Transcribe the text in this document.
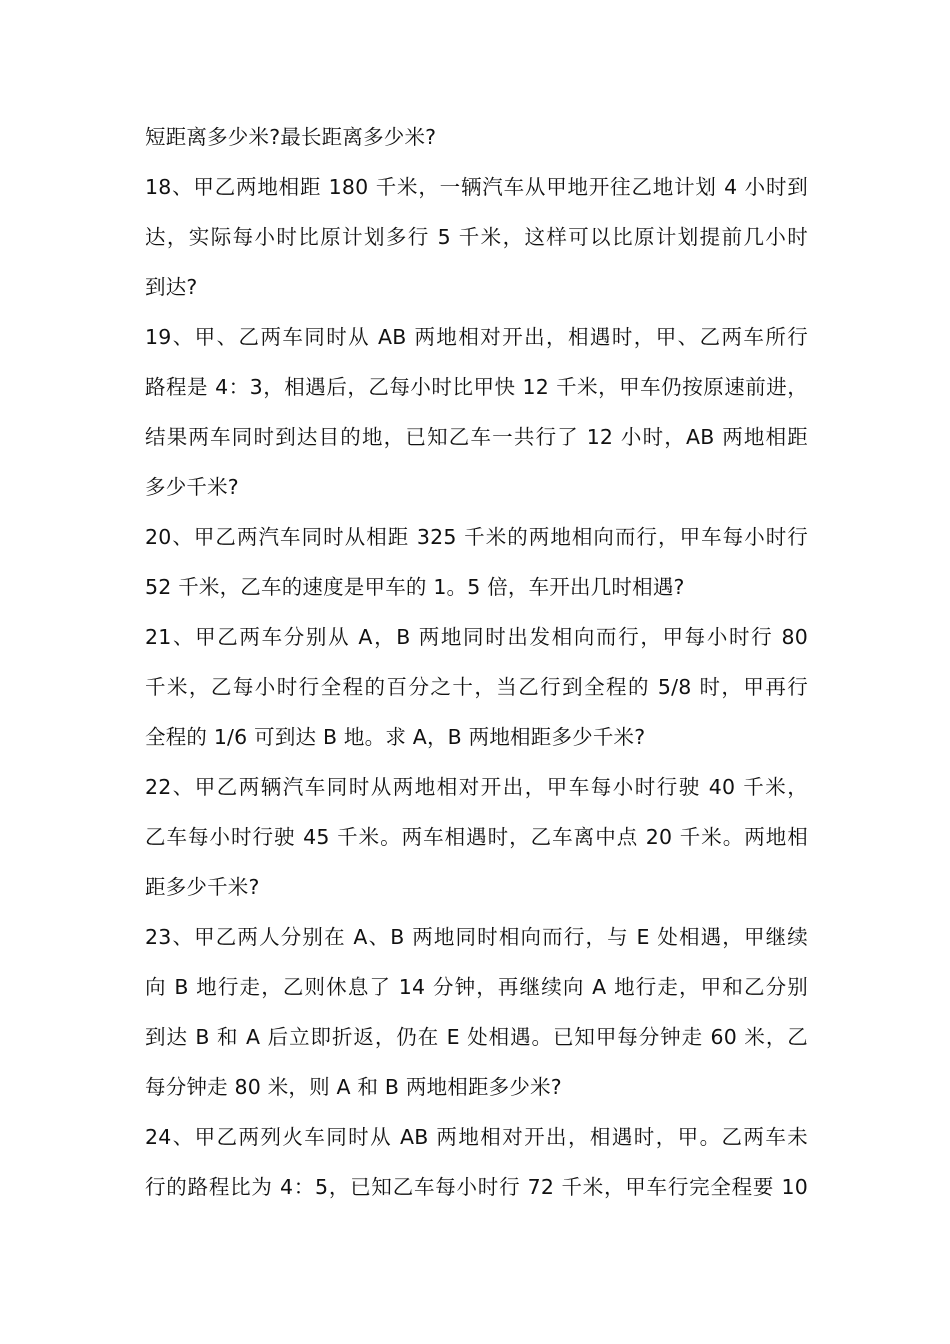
短距离多少米?最长距离多少米?
18、甲乙两地相距 180 千米，一辆汽车从甲地开往乙地计划 4 小时到
达，实际每小时比原计划多行 5 千米，这样可以比原计划提前几小时
到达?
19、甲、乙两车同时从 AB 两地相对开出，相遇时，甲、乙两车所行
路程是 4：3，相遇后，乙每小时比甲快 12 千米，甲车仍按原速前进，
结果两车同时到达目的地，已知乙车一共行了 12 小时，AB 两地相距
多少千米?
20、甲乙两汽车同时从相距 325 千米的两地相向而行，甲车每小时行
52 千米，乙车的速度是甲车的 1。5 倍，车开出几时相遇?
21、甲乙两车分别从 A，B 两地同时出发相向而行，甲每小时行 80
千米，乙每小时行全程的百分之十，当乙行到全程的 5/8 时，甲再行
全程的 1/6 可到达 B 地。求 A，B 两地相距多少千米?
22、甲乙两辆汽车同时从两地相对开出，甲车每小时行驶 40 千米，
乙车每小时行驶 45 千米。两车相遇时，乙车离中点 20 千米。两地相
距多少千米?
23、甲乙两人分别在 A、B 两地同时相向而行，与 E 处相遇，甲继续
向 B 地行走，乙则休息了 14 分钟，再继续向 A 地行走，甲和乙分别
到达 B 和 A 后立即折返，仍在 E 处相遇。已知甲每分钟走 60 米，乙
每分钟走 80 米，则 A 和 B 两地相距多少米?
24、甲乙两列火车同时从 AB 两地相对开出，相遇时，甲。乙两车未
行的路程比为 4：5，已知乙车每小时行 72 千米，甲车行完全程要 10
